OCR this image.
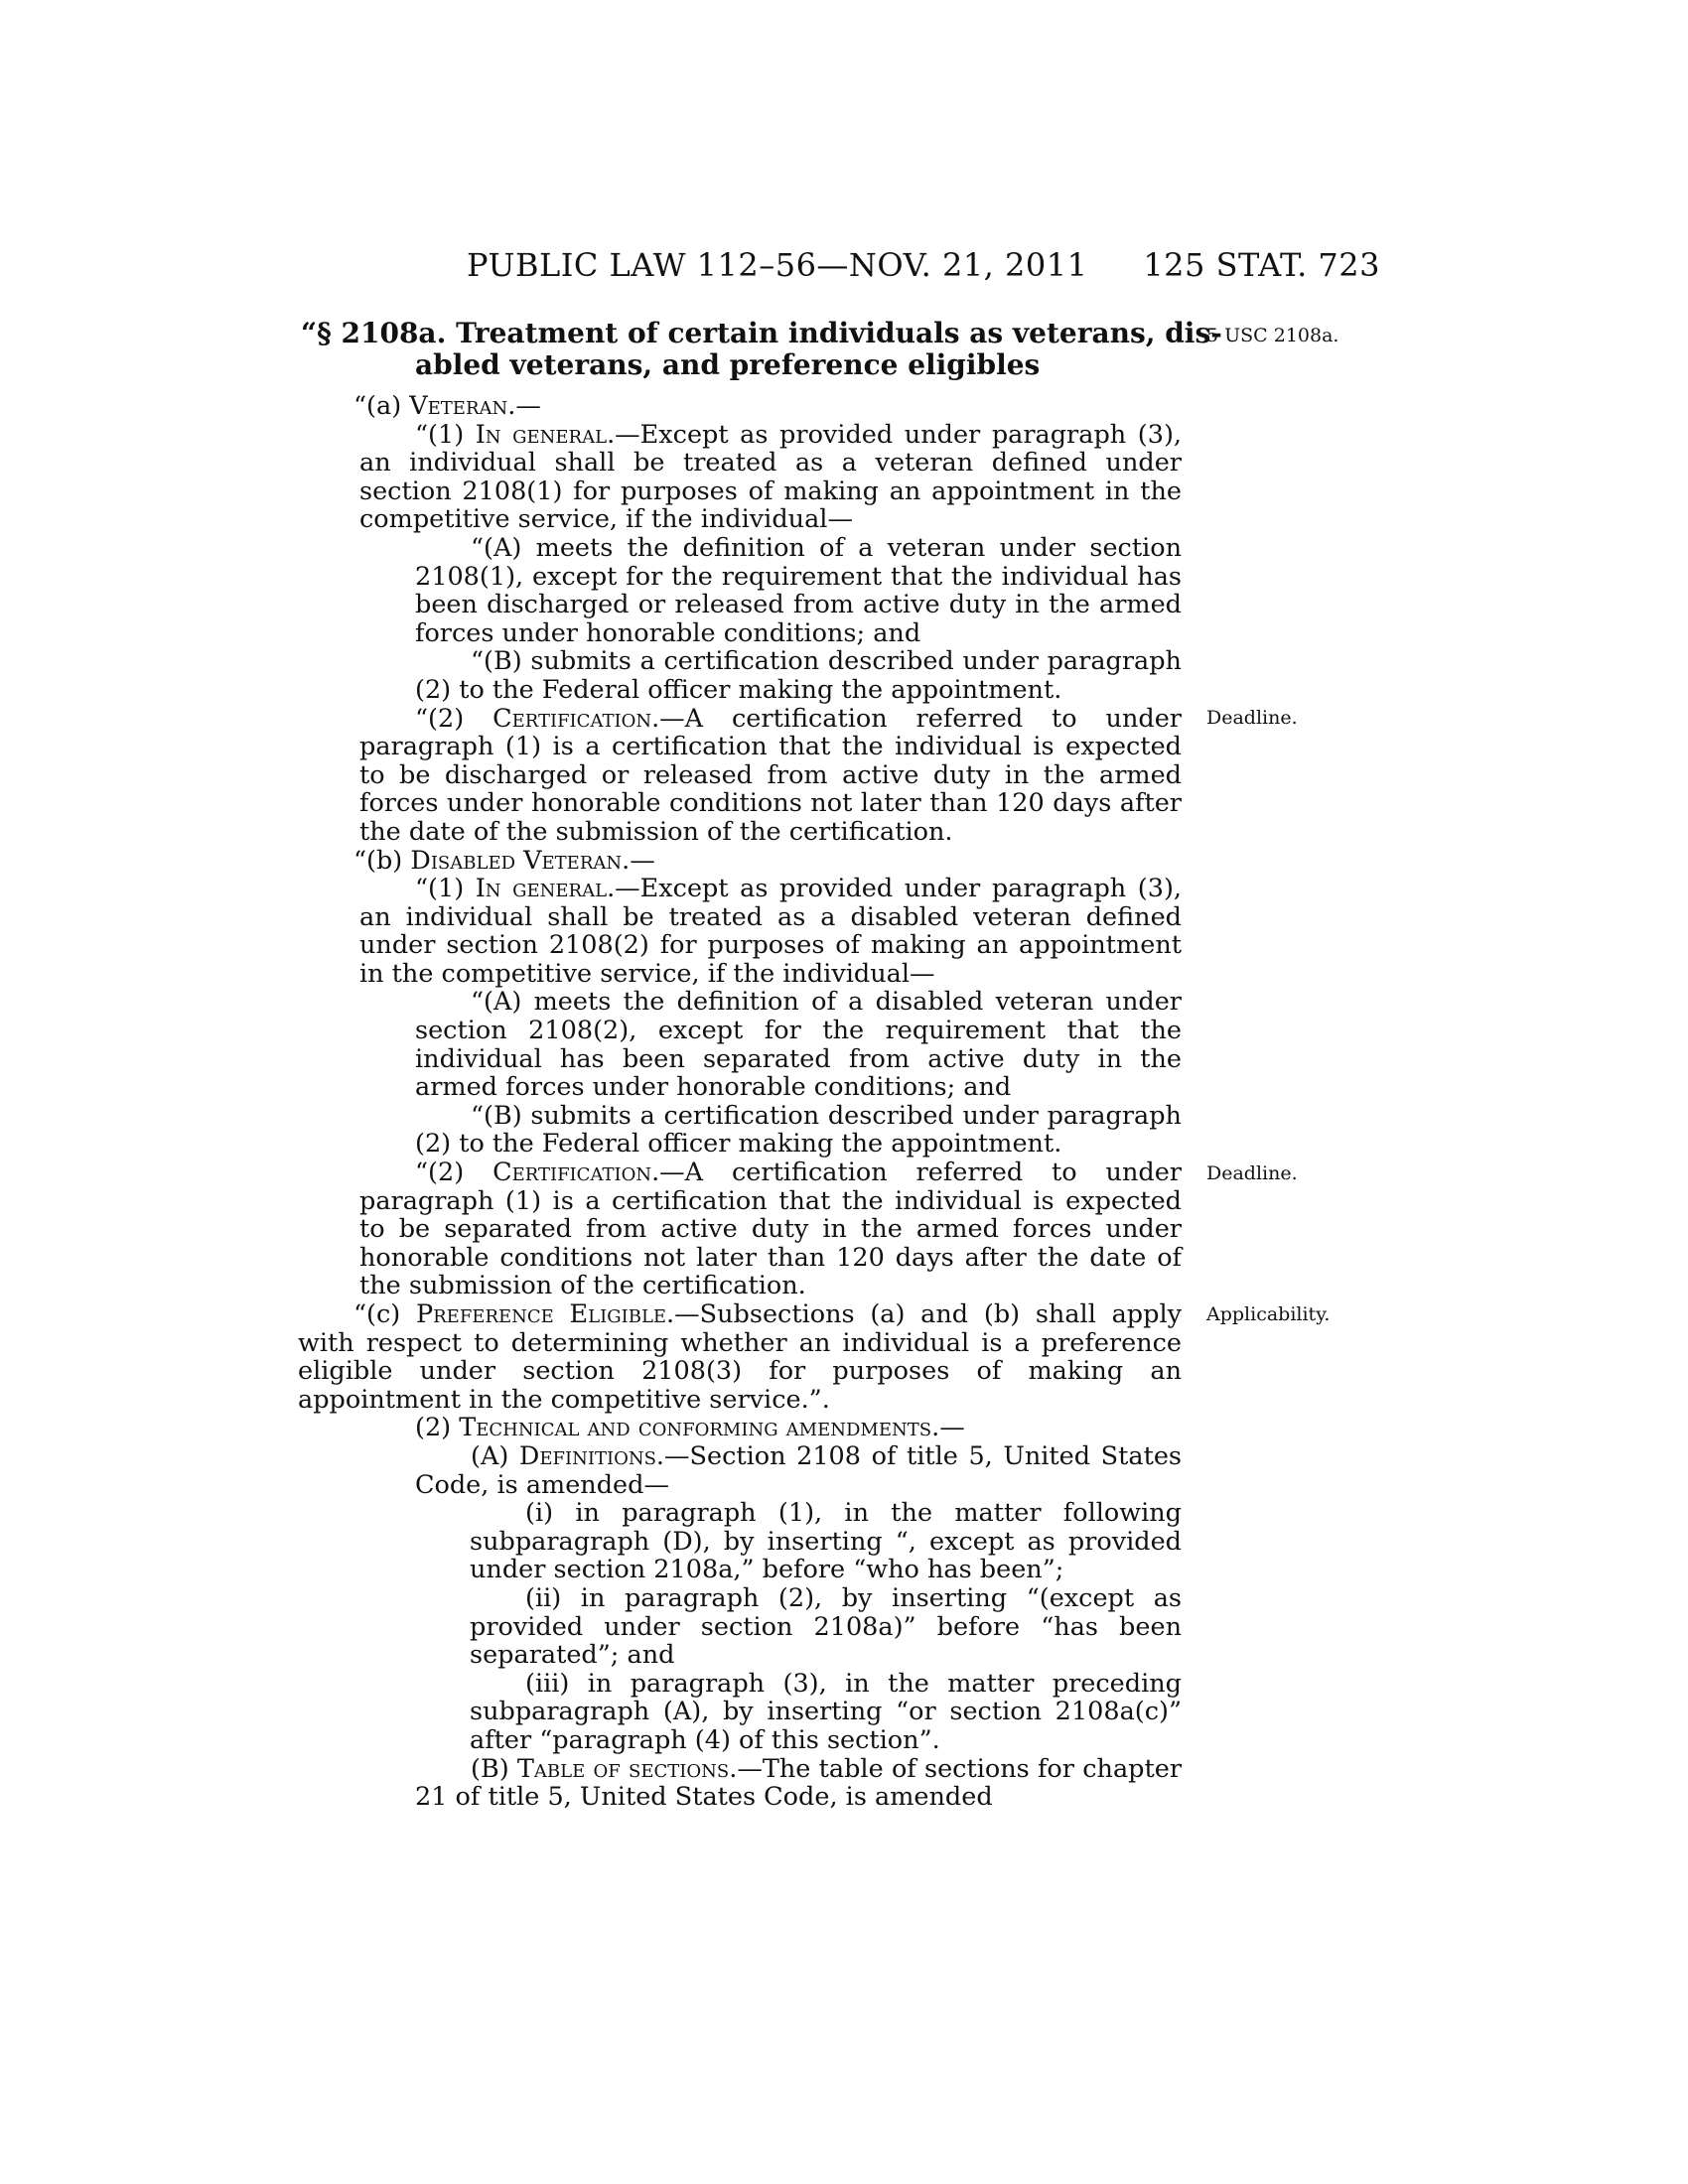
PUBLIC LAW 112–56—NOV. 21, 2011 125 STAT. 723
“§ 2108a. Treatment of certain individuals as veterans, dis-
abled veterans, and preference eligibles
5 USC 2108a.
Deadline.
Deadline.
Applicability.

“(a) Veteran.—

“(1) In general.—Except as provided under paragraph (3), an individual shall be treated as a veteran defined under section 2108(1) for purposes of making an appointment in the competitive service, if the individual—

“(A) meets the definition of a veteran under section 2108(1), except for the requirement that the individual has been discharged or released from active duty in the armed forces under honorable conditions; and

“(B) submits a certification described under paragraph (2) to the Federal officer making the appointment.

“(2) Certification.—A certification referred to under paragraph (1) is a certification that the individual is expected to be discharged or released from active duty in the armed forces under honorable conditions not later than 120 days after the date of the submission of the certification.

“(b) Disabled Veteran.—

“(1) In general.—Except as provided under paragraph (3), an individual shall be treated as a disabled veteran defined under section 2108(2) for purposes of making an appointment in the competitive service, if the individual—

“(A) meets the definition of a disabled veteran under section 2108(2), except for the requirement that the individual has been separated from active duty in the armed forces under honorable conditions; and

“(B) submits a certification described under paragraph (2) to the Federal officer making the appointment.

“(2) Certification.—A certification referred to under paragraph (1) is a certification that the individual is expected to be separated from active duty in the armed forces under honorable conditions not later than 120 days after the date of the submission of the certification.

“(c) Preference Eligible.—Subsections (a) and (b) shall apply with respect to determining whether an individual is a preference eligible under section 2108(3) for purposes of making an appointment in the competitive service.”.

(2) Technical and conforming amendments.—

(A) Definitions.—Section 2108 of title 5, United States Code, is amended—

(i) in paragraph (1), in the matter following subparagraph (D), by inserting “, except as provided under section 2108a,” before “who has been”;

(ii) in paragraph (2), by inserting “(except as provided under section 2108a)” before “has been separated”; and

(iii) in paragraph (3), in the matter preceding subparagraph (A), by inserting “or section 2108a(c)” after “paragraph (4) of this section”.

(B) Table of sections.—The table of sections for chapter 21 of title 5, United States Code, is amended
